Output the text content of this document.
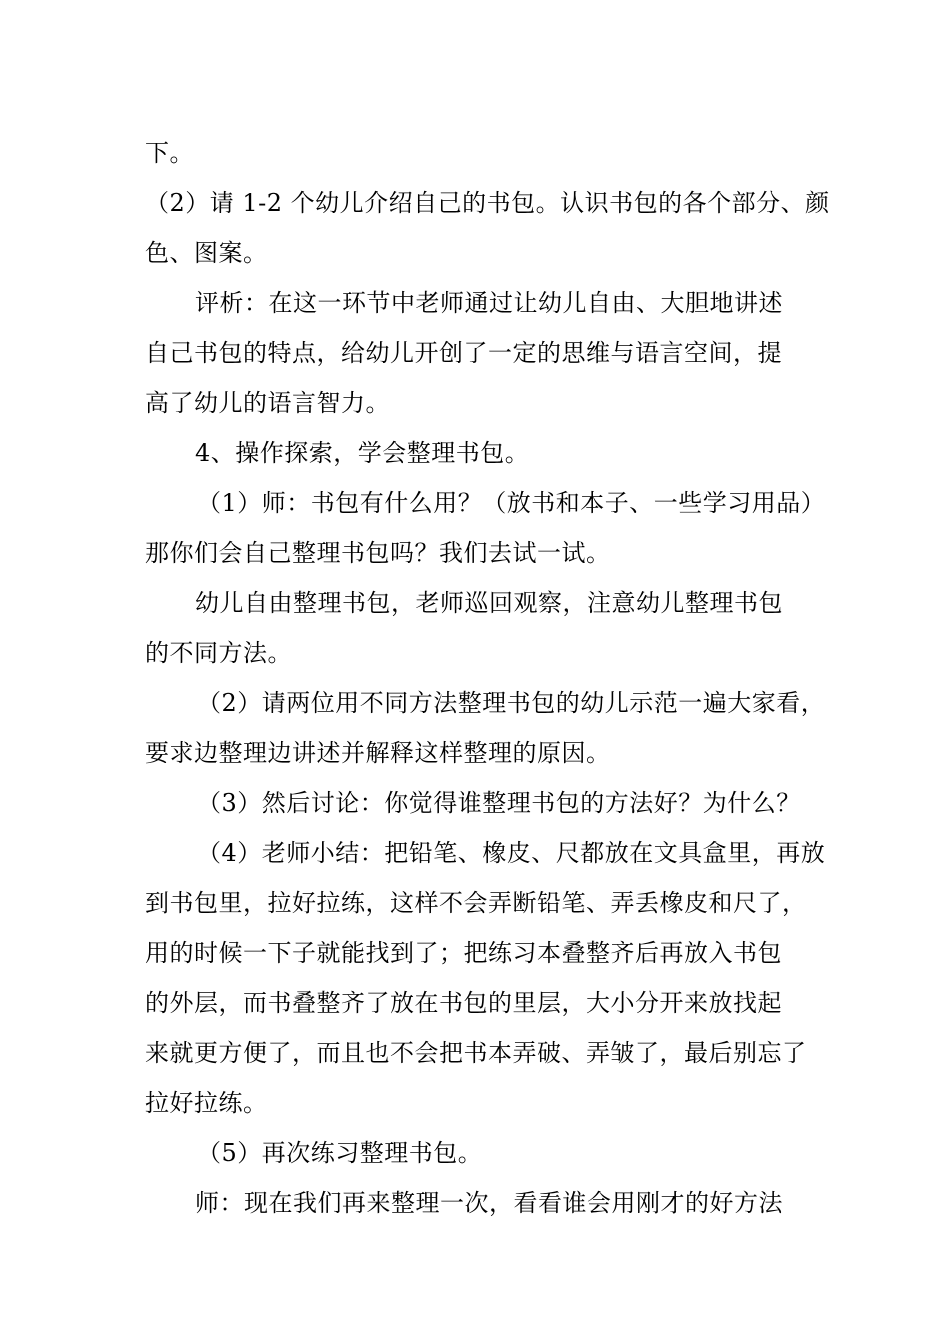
下。
（2）请 1-2 个幼儿介绍自己的书包。认识书包的各个部分、颜
色、图案。
评析：在这一环节中老师通过让幼儿自由、大胆地讲述
自己书包的特点，给幼儿开创了一定的思维与语言空间，提
高了幼儿的语言智力。
4、操作探索，学会整理书包。
（1）师：书包有什么用？（放书和本子、一些学习用品）
那你们会自己整理书包吗？我们去试一试。
幼儿自由整理书包，老师巡回观察，注意幼儿整理书包
的不同方法。
（2）请两位用不同方法整理书包的幼儿示范一遍大家看，
要求边整理边讲述并解释这样整理的原因。
（3）然后讨论：你觉得谁整理书包的方法好？为什么？
（4）老师小结：把铅笔、橡皮、尺都放在文具盒里，再放
到书包里，拉好拉练，这样不会弄断铅笔、弄丢橡皮和尺了，
用的时候一下子就能找到了；把练习本叠整齐后再放入书包
的外层，而书叠整齐了放在书包的里层，大小分开来放找起
来就更方便了，而且也不会把书本弄破、弄皱了，最后别忘了
拉好拉练。
（5）再次练习整理书包。
师：现在我们再来整理一次，看看谁会用刚才的好方法
